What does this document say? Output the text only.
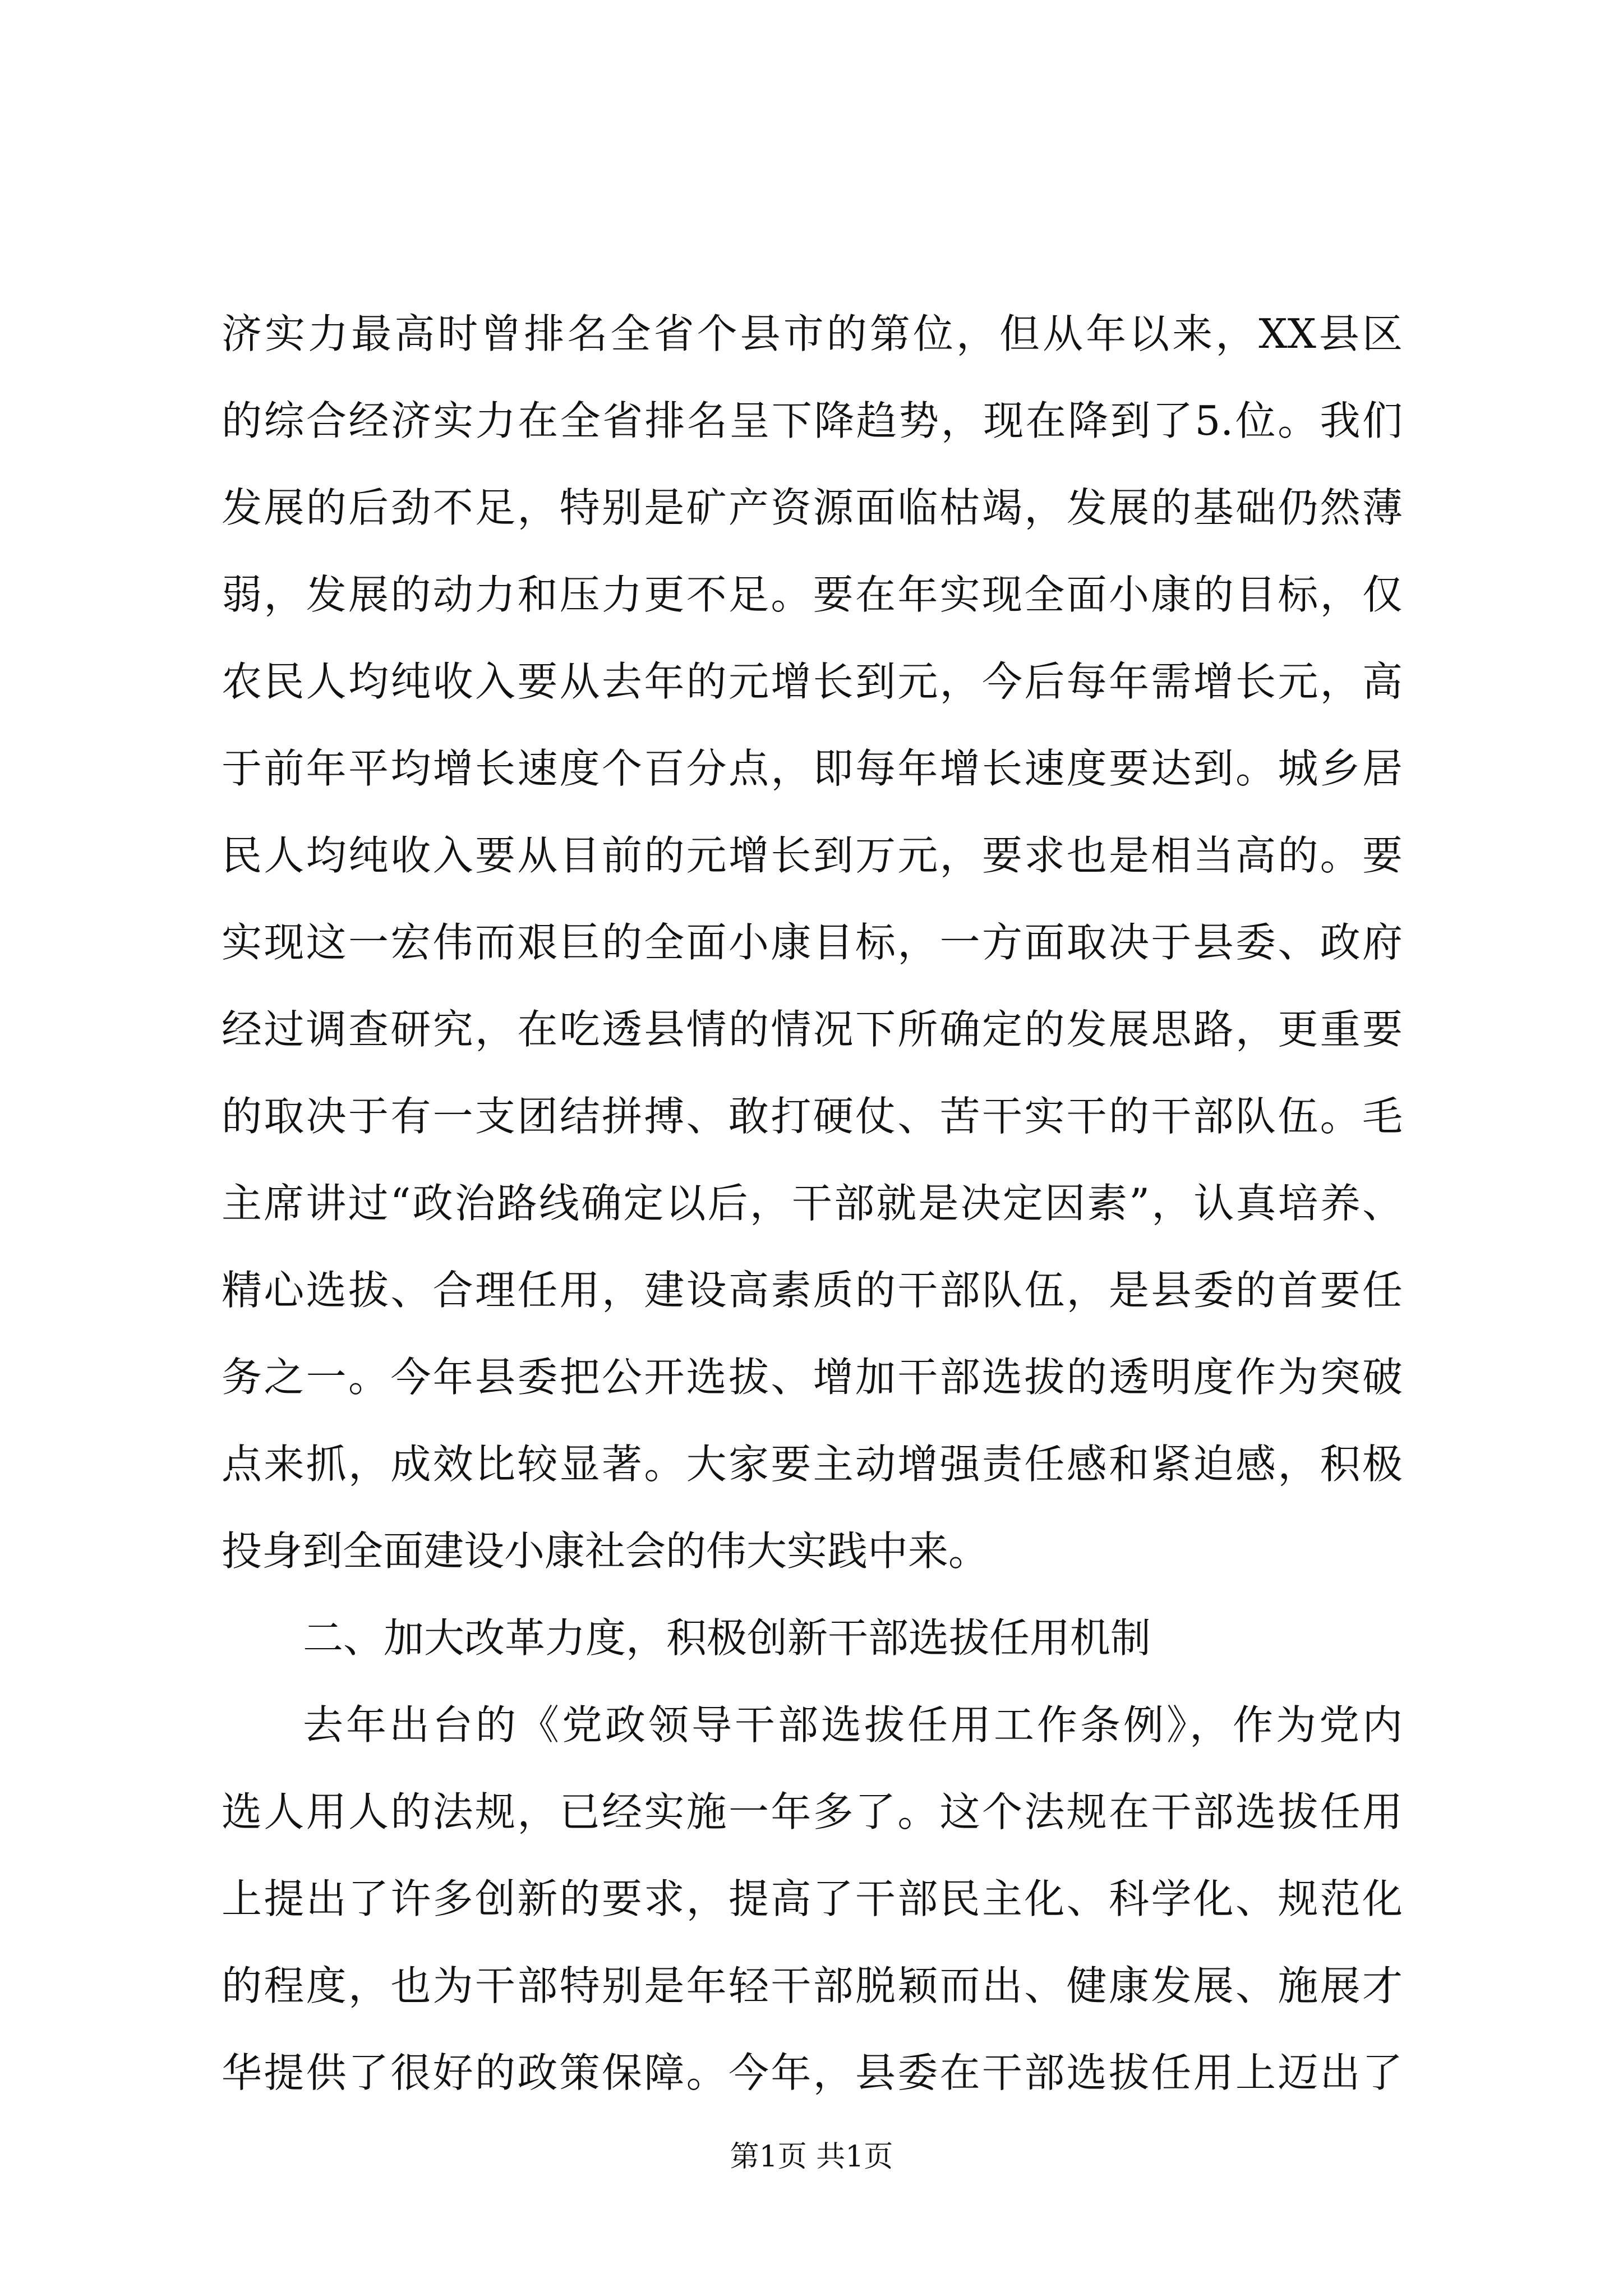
济实力最高时曾排名全省个县市的第位，但从年以来，XX县区
的综合经济实力在全省排名呈下降趋势，现在降到了5.位。我们
发展的后劲不足，特别是矿产资源面临枯竭，发展的基础仍然薄
弱，发展的动力和压力更不足。要在年实现全面小康的目标，仅
农民人均纯收入要从去年的元增长到元，今后每年需增长元，高
于前年平均增长速度个百分点，即每年增长速度要达到。城乡居
民人均纯收入要从目前的元增长到万元，要求也是相当高的。要
实现这一宏伟而艰巨的全面小康目标，一方面取决于县委、政府
经过调查研究，在吃透县情的情况下所确定的发展思路，更重要
的取决于有一支团结拼搏、敢打硬仗、苦干实干的干部队伍。毛
主席讲过“政治路线确定以后，干部就是决定因素”，认真培养、
精心选拔、合理任用，建设高素质的干部队伍，是县委的首要任
务之一。今年县委把公开选拔、增加干部选拔的透明度作为突破
点来抓，成效比较显著。大家要主动增强责任感和紧迫感，积极
投身到全面建设小康社会的伟大实践中来。
二、加大改革力度，积极创新干部选拔任用机制
去年出台的《党政领导干部选拔任用工作条例》，作为党内
选人用人的法规，已经实施一年多了。这个法规在干部选拔任用
上提出了许多创新的要求，提高了干部民主化、科学化、规范化
的程度，也为干部特别是年轻干部脱颖而出、健康发展、施展才
华提供了很好的政策保障。今年，县委在干部选拔任用上迈出了
第1页 共1页
